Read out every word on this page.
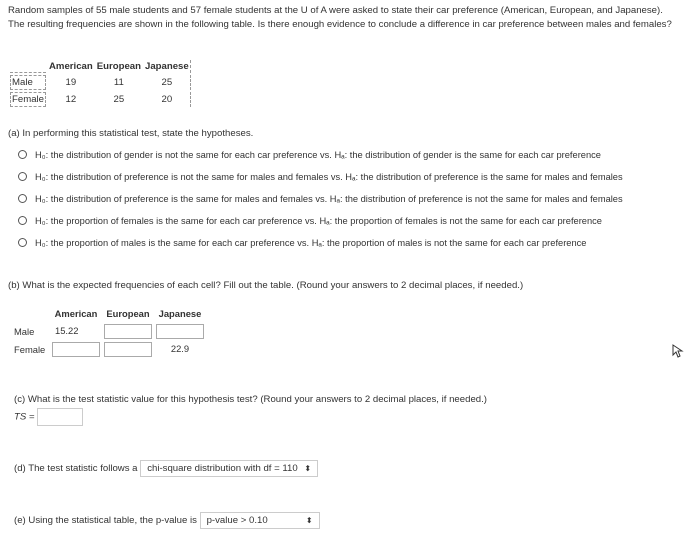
Random samples of 55 male students and 57 female students at the U of A were asked to state their car preference (American, European, and Japanese).
The resulting frequencies are shown in the following table. Is there enough evidence to conclude a difference in car preference between males and females?
	American	European	Japanese
Male	19	11	25
Female	12	25	20
(a) In performing this statistical test, state the hypotheses.
H₀: the distribution of gender is not the same for each car preference vs. Hₐ: the distribution of gender is the same for each car preference
H₀: the distribution of preference is not the same for males and females vs. Hₐ: the distribution of preference is the same for males and females
H₀: the distribution of preference is the same for males and females vs. Hₐ: the distribution of preference is not the same for males and females
H₀: the proportion of females is the same for each car preference vs. Hₐ: the proportion of females is not the same for each car preference
H₀: the proportion of males is the same for each car preference vs. Hₐ: the proportion of males is not the same for each car preference
(b) What is the expected frequencies of each cell? Fill out the table. (Round your answers to 2 decimal places, if needed.)
	American	European	Japanese
Male	15.22		
Female			22.9
(c) What is the test statistic value for this hypothesis test? (Round your answers to 2 decimal places, if needed.)
TS =
(d) The test statistic follows a chi-square distribution with df = 110 ⬍
(e) Using the statistical table, the p-value is p-value > 0.10	⬍
